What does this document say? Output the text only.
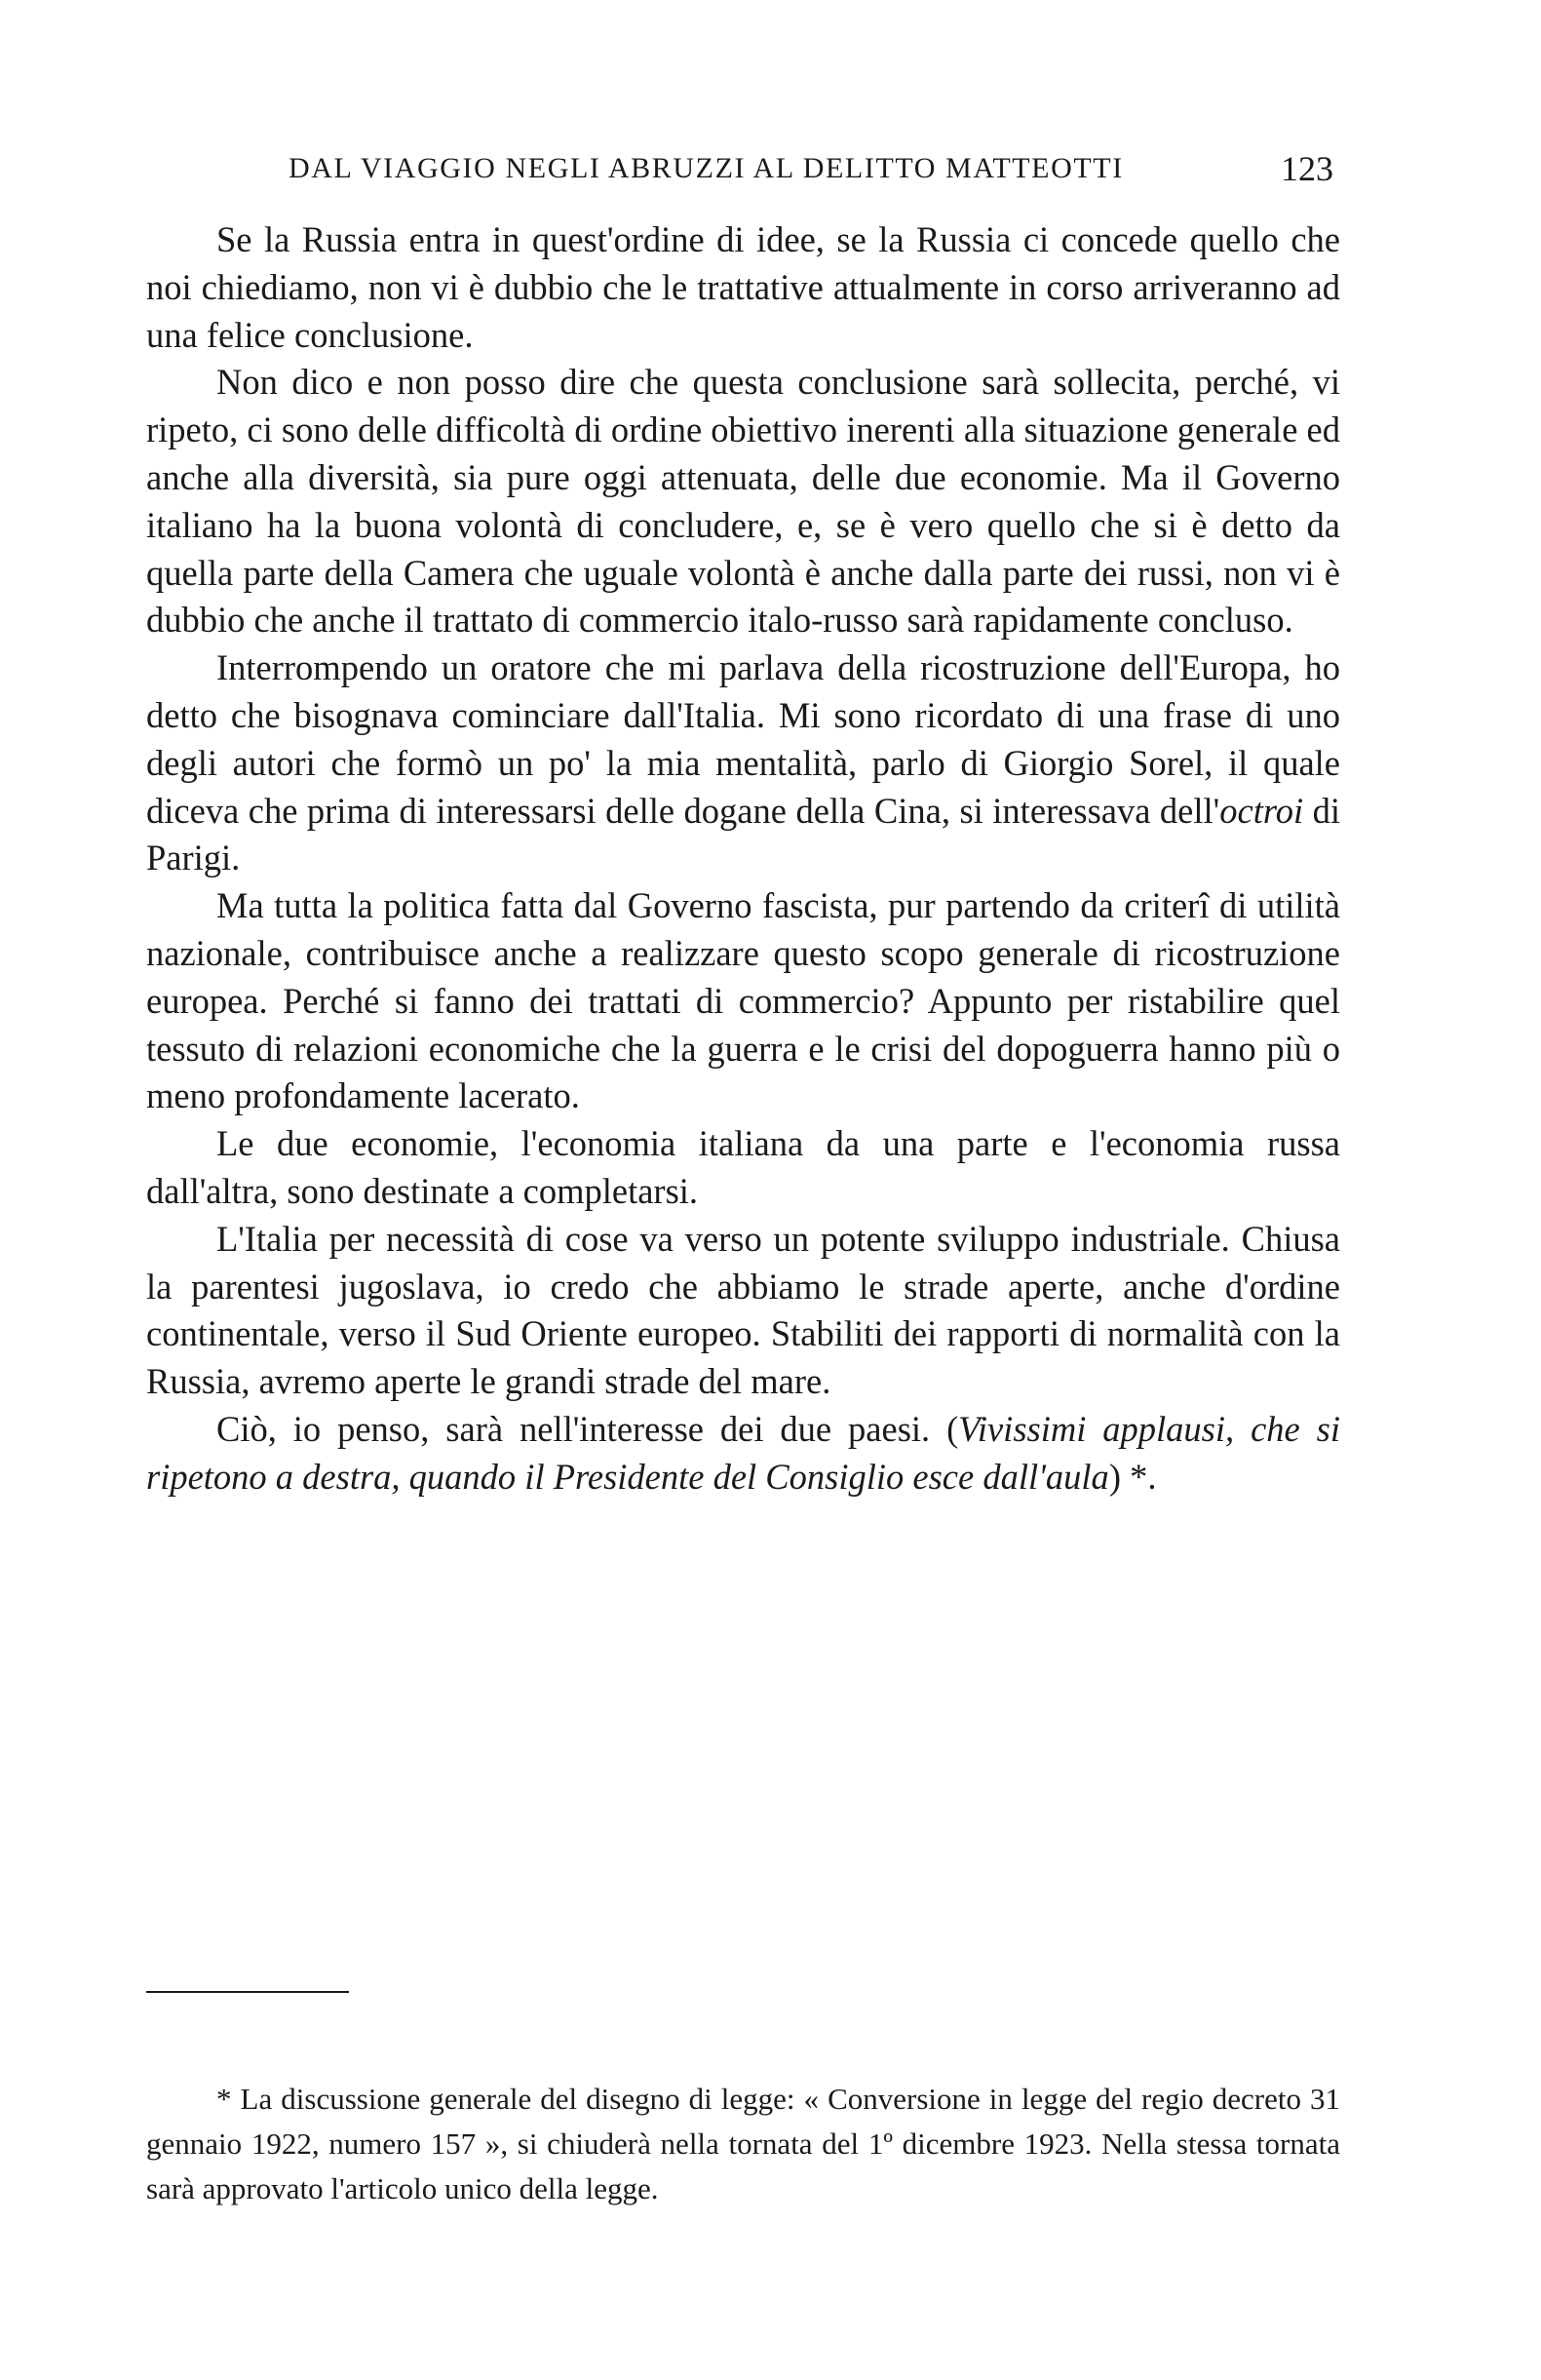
DAL VIAGGIO NEGLI ABRUZZI AL DELITTO MATTEOTTI	123

Se la Russia entra in quest'ordine di idee, se la Russia ci concede quello che noi chiediamo, non vi è dubbio che le trattative attualmente in corso arriveranno ad una felice conclusione.

Non dico e non posso dire che questa conclusione sarà sollecita, perché, vi ripeto, ci sono delle difficoltà di ordine obiettivo inerenti alla situazione generale ed anche alla diversità, sia pure oggi attenuata, delle due economie. Ma il Governo italiano ha la buona volontà di concludere, e, se è vero quello che si è detto da quella parte della Camera che uguale volontà è anche dalla parte dei russi, non vi è dubbio che anche il trattato di commercio italo-russo sarà rapidamente concluso.

Interrompendo un oratore che mi parlava della ricostruzione dell'Europa, ho detto che bisognava cominciare dall'Italia. Mi sono ricordato di una frase di uno degli autori che formò un po' la mia mentalità, parlo di Giorgio Sorel, il quale diceva che prima di interessarsi delle dogane della Cina, si interessava dell'octroi di Parigi.

Ma tutta la politica fatta dal Governo fascista, pur partendo da criterî di utilità nazionale, contribuisce anche a realizzare questo scopo generale di ricostruzione europea. Perché si fanno dei trattati di commercio? Appunto per ristabilire quel tessuto di relazioni economiche che la guerra e le crisi del dopoguerra hanno più o meno profondamente lacerato.

Le due economie, l'economia italiana da una parte e l'economia russa dall'altra, sono destinate a completarsi.

L'Italia per necessità di cose va verso un potente sviluppo industriale. Chiusa la parentesi jugoslava, io credo che abbiamo le strade aperte, anche d'ordine continentale, verso il Sud Oriente europeo. Stabiliti dei rapporti di normalità con la Russia, avremo aperte le grandi strade del mare.

Ciò, io penso, sarà nell'interesse dei due paesi. (Vivissimi applausi, che si ripetono a destra, quando il Presidente del Consiglio esce dall'aula) *.

* La discussione generale del disegno di legge: « Conversione in legge del regio decreto 31 gennaio 1922, numero 157 », si chiuderà nella tornata del 1º dicembre 1923. Nella stessa tornata sarà approvato l'articolo unico della legge.
